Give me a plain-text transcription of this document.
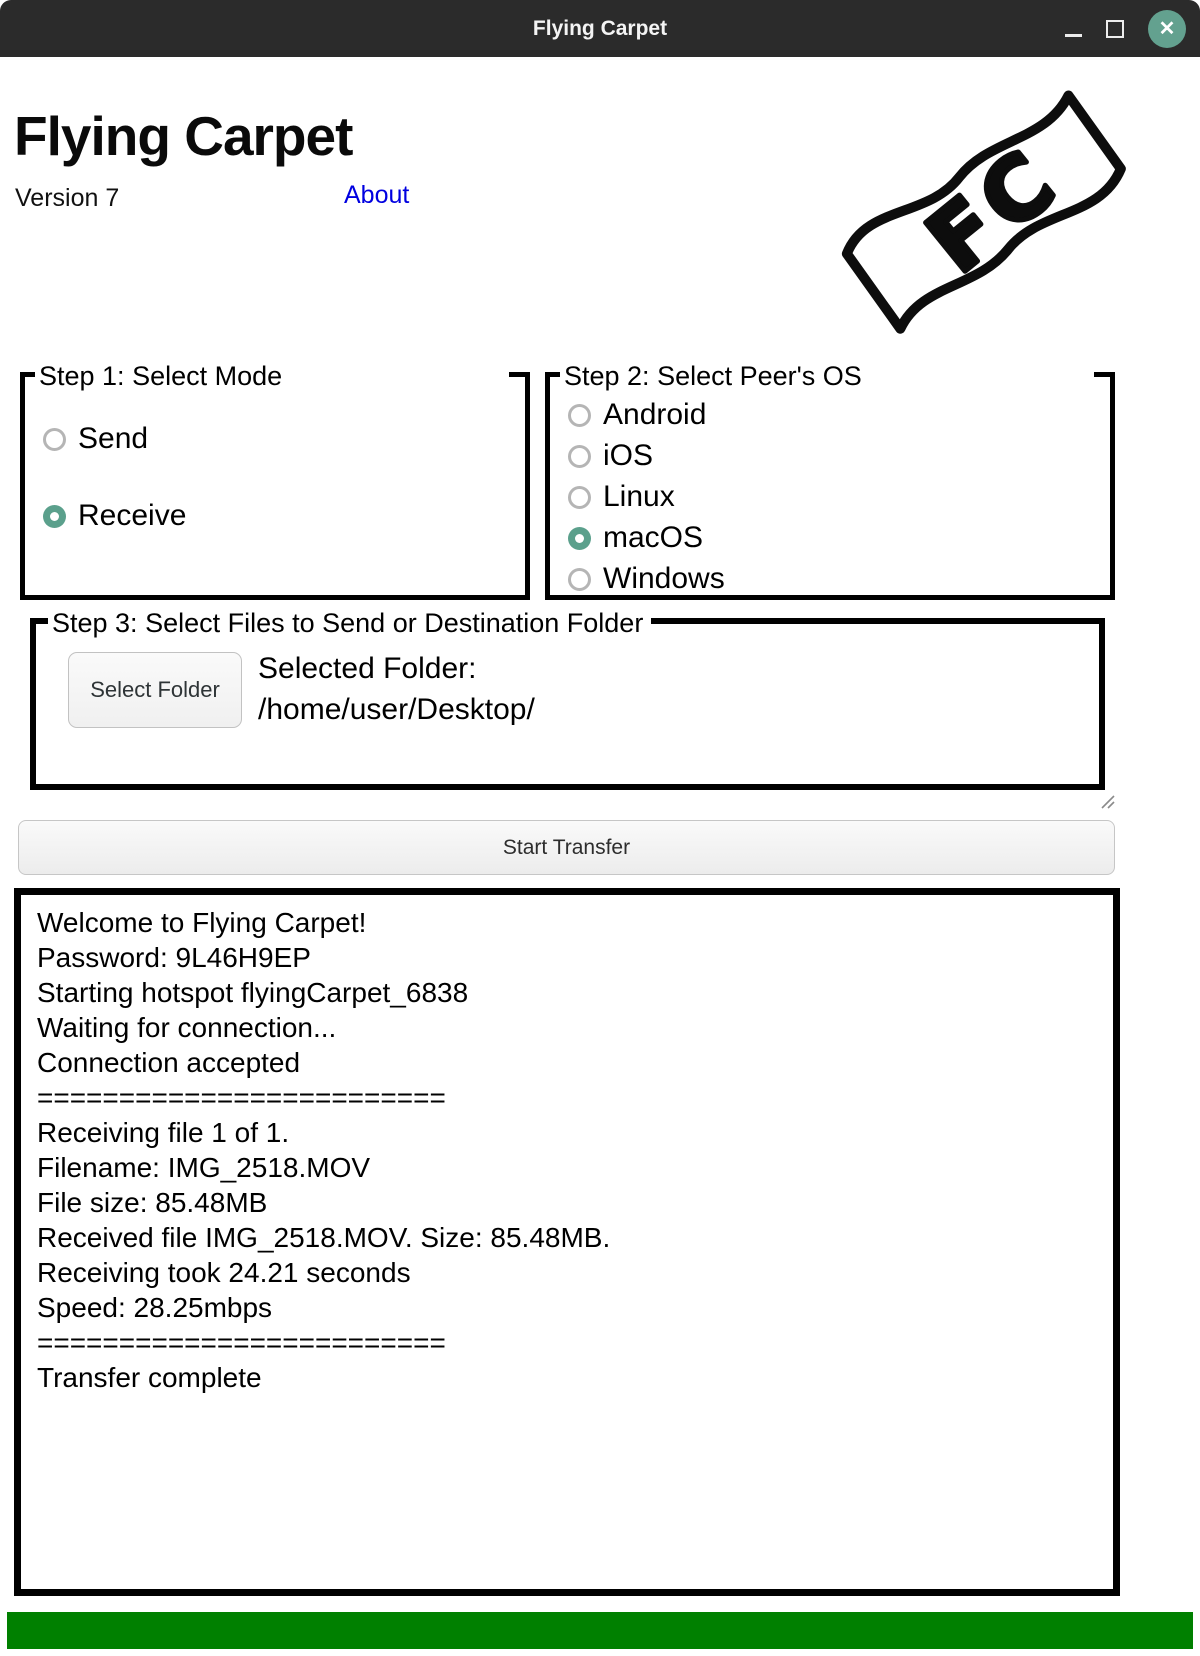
Flying Carpet	✕
Flying Carpet
Version 7	About	FC
Step 1: Select Mode
Send
Receive
Step 2: Select Peer's OS
Android
iOS
Linux
macOS
Windows
Step 3: Select Files to Send or Destination Folder
Select Folder
Selected Folder:
/home/user/Desktop/
Start Transfer
Welcome to Flying Carpet!
Password: 9L46H9EP
Starting hotspot flyingCarpet_6838
Waiting for connection...
Connection accepted
=========================
Receiving file 1 of 1.
Filename: IMG_2518.MOV
File size: 85.48MB
Received file IMG_2518.MOV. Size: 85.48MB.
Receiving took 24.21 seconds
Speed: 28.25mbps
=========================
Transfer complete
